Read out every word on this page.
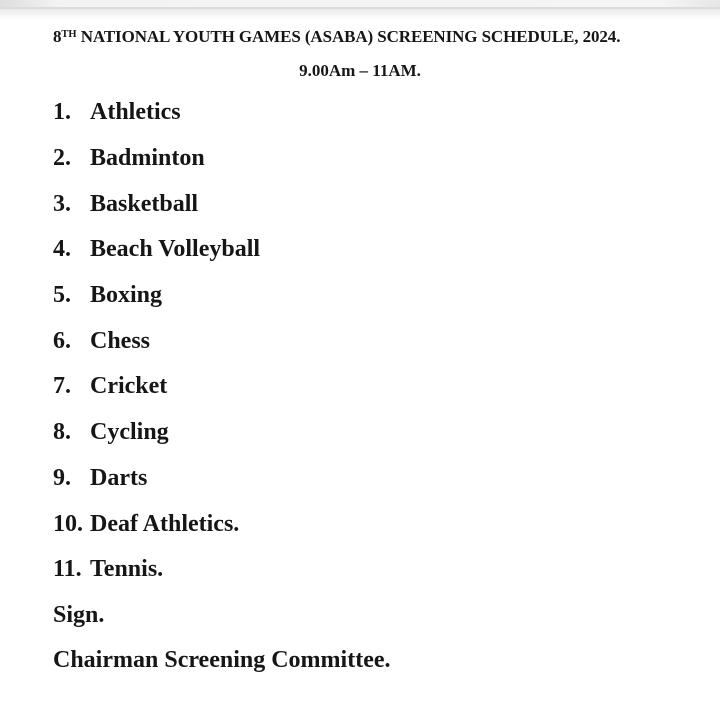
8TH NATIONAL YOUTH GAMES (ASABA) SCREENING SCHEDULE, 2024.
9.00Am – 11AM.
1. Athletics
2. Badminton
3. Basketball
4. Beach Volleyball
5. Boxing
6. Chess
7. Cricket
8. Cycling
9. Darts
10. Deaf Athletics.
11. Tennis.
Sign.
Chairman Screening Committee.
